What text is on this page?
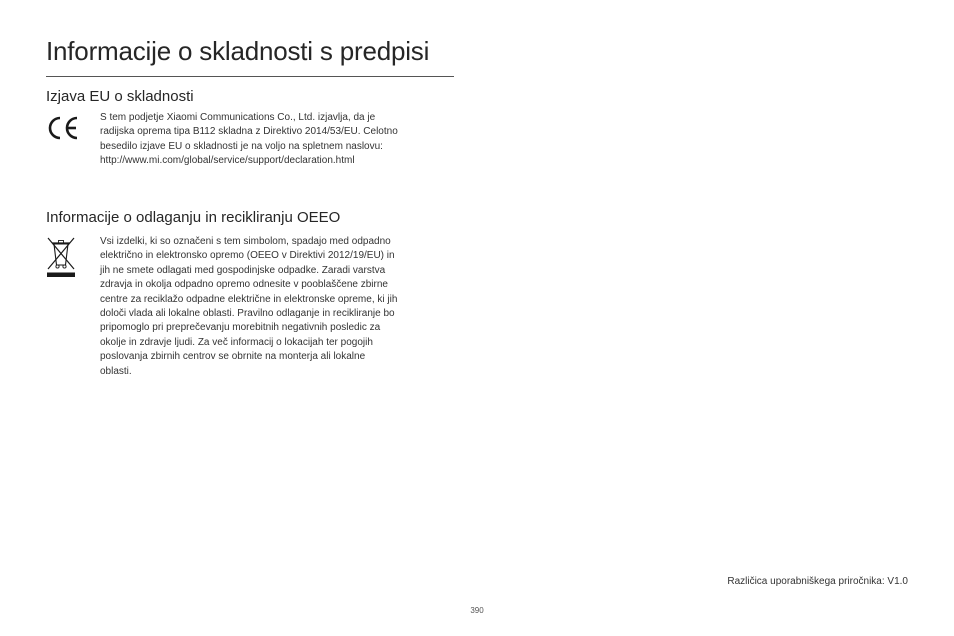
Informacije o skladnosti s predpisi
Izjava EU o skladnosti

S tem podjetje Xiaomi Communications Co., Ltd. izjavlja, da je
radijska oprema tipa B112 skladna z Direktivo 2014/53/EU. Celotno
besedilo izjave EU o skladnosti je na voljo na spletnem naslovu:
http://www.mi.com/global/service/support/declaration.html

Informacije o odlaganju in recikliranju OEEO

Vsi izdelki, ki so označeni s tem simbolom, spadajo med odpadno
električno in elektronsko opremo (OEEO v Direktivi 2012/19/EU) in
jih ne smete odlagati med gospodinjske odpadke. Zaradi varstva
zdravja in okolja odpadno opremo odnesite v pooblaščene zbirne
centre za reciklažo odpadne električne in elektronske opreme, ki jih
določi vlada ali lokalne oblasti. Pravilno odlaganje in recikliranje bo
pripomoglo pri preprečevanju morebitnih negativnih posledic za
okolje in zdravje ljudi. Za več informacij o lokacijah ter pogojih
poslovanja zbirnih centrov se obrnite na monterja ali lokalne
oblasti.

Različica uporabniškega priročnika: V1.0
390
